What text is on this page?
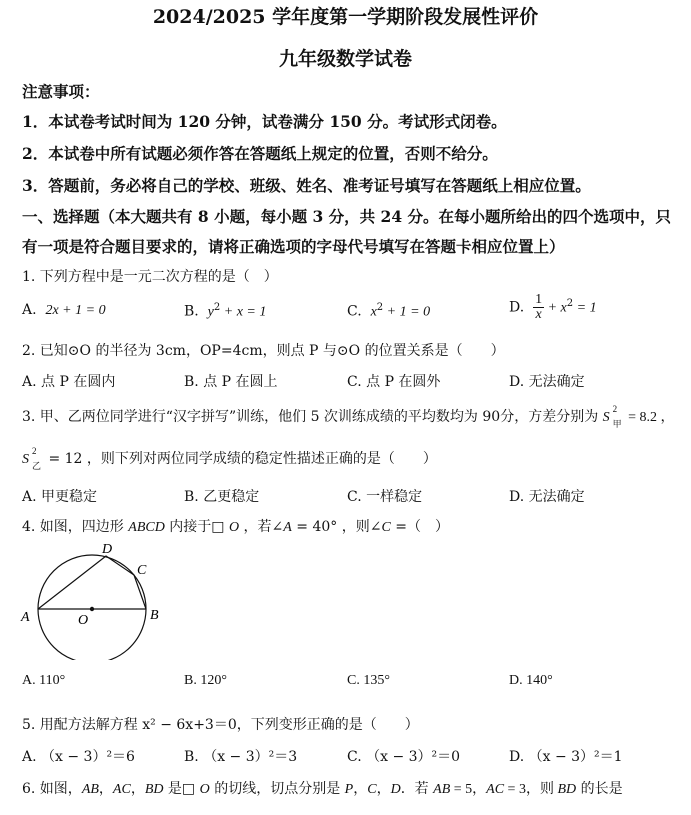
2024/2025 学年度第一学期阶段发展性评价
九年级数学试卷
注意事项：
1．本试卷考试时间为 120 分钟，试卷满分 150 分。考试形式闭卷。
2．本试卷中所有试题必须作答在答题纸上规定的位置，否则不给分。
3．答题前，务必将自己的学校、班级、姓名、准考证号填写在答题纸上相应位置。
一、选择题（本大题共有 8 小题，每小题 3 分，共 24 分。在每小题所给出的四个选项中，只
有一项是符合题目要求的，请将正确选项的字母代号填写在答题卡相应位置上）
1. 下列方程中是一元二次方程的是（　）
A. 2x + 1 = 0	B. $y^2 + x = 1$	C. $x^2 + 1 = 0$	D. $\frac{1}{x} + x^2 = 1$
2. 已知⊙O 的半径为 3cm，OP=4cm，则点 P 与⊙O 的位置关系是（　　）
A. 点 P 在圆内	B. 点 P 在圆上	C. 点 P 在圆外	D. 无法确定
3. 甲、乙两位同学进行“汉字拼写”训练，他们 5 次训练成绩的平均数均为 90分，方差分别为 S
2
甲 = 8.2 ，
S
2
乙 = 12 ，则下列对两位同学成绩的稳定性描述正确的是（　　）
A. 甲更稳定	B. 乙更稳定	C. 一样稳定	D. 无法确定
4. 如图，四边形 ABCD 内接于□ O ，若∠A = 40° ，则∠C =（　）
A	B
C
D
O
A. 110°	B. 120°	C. 135°	D. 140°
5. 用配方法解方程 x² − 6x+3＝0，下列变形正确的是（　　）
A. （x − 3）²＝6	B. （x − 3）²＝3	C. （x − 3）²＝0	D. （x − 3）²＝1
6. 如图，AB，AC，BD 是□ O 的切线，切点分别是 P，C，D．若 AB = 5，AC = 3，则 BD 的长是
